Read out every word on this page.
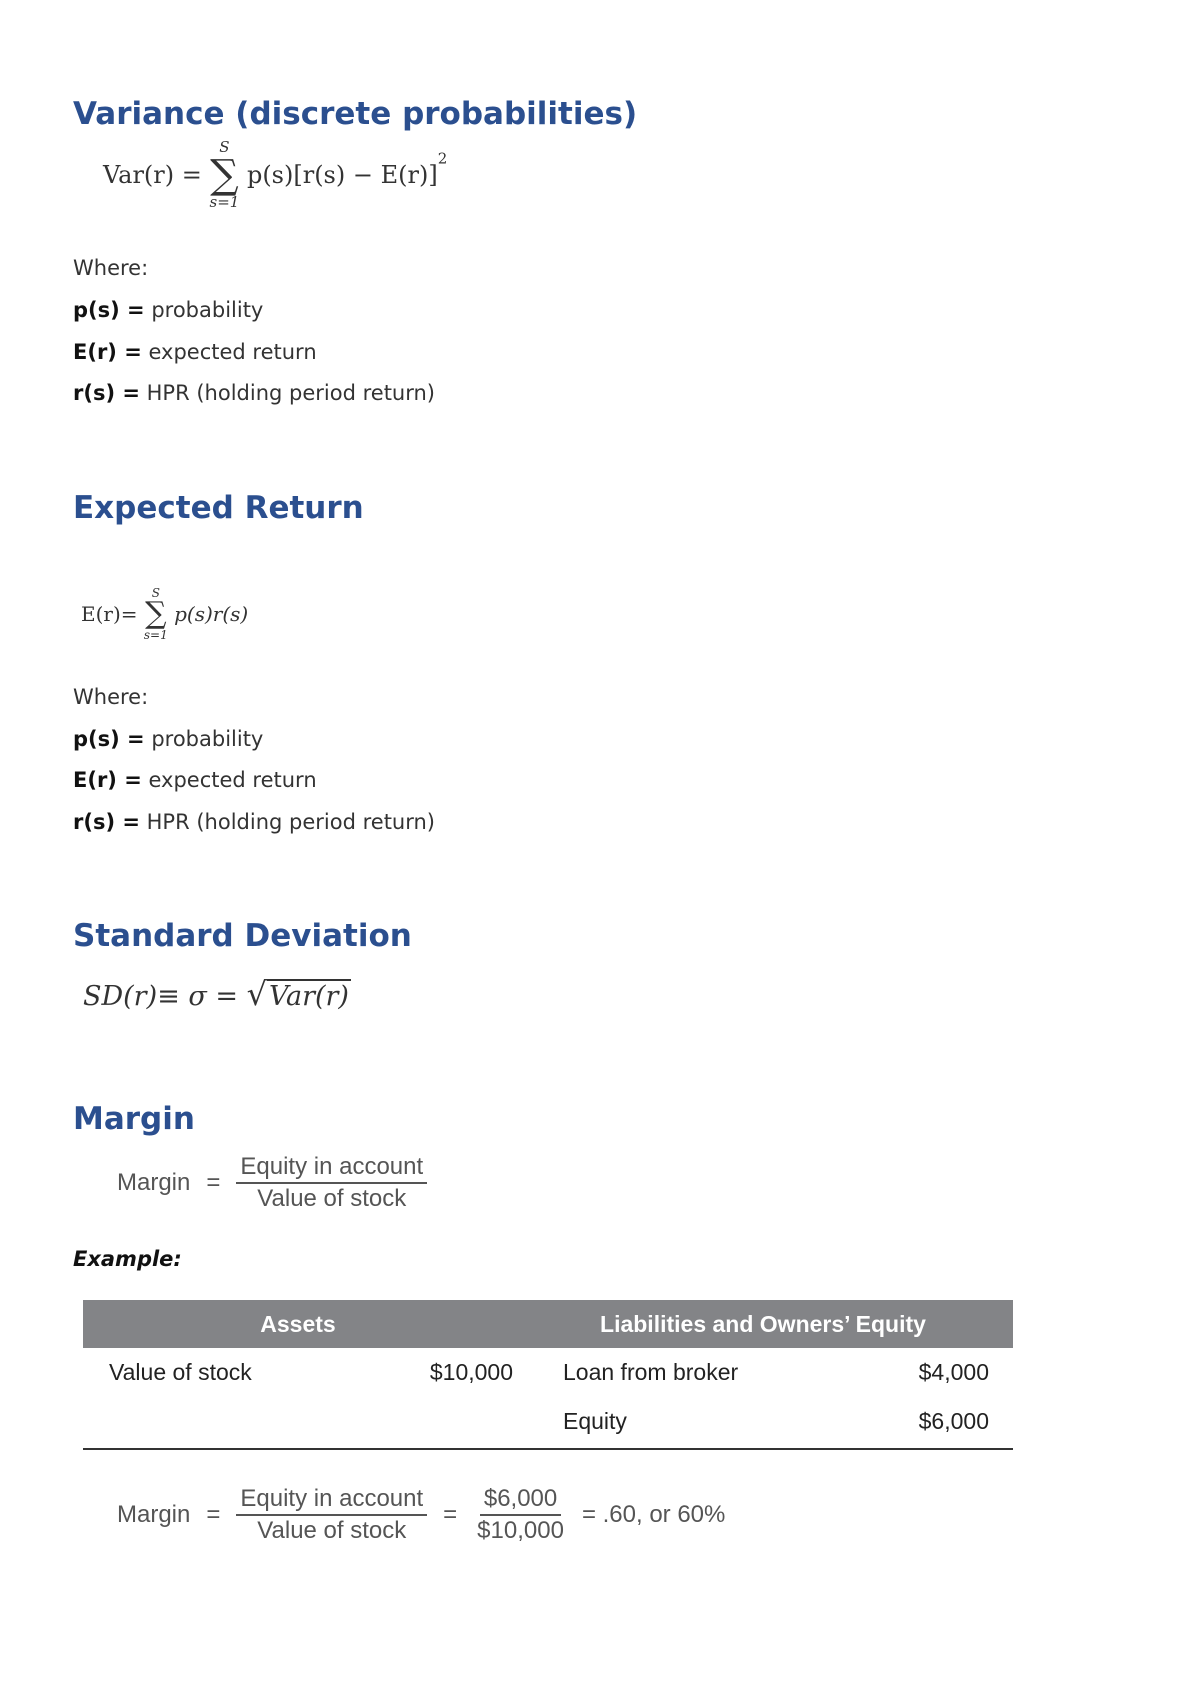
Variance (discrete probabilities)
Var(r) =
S
∑
s=1
$p(s)[r(s) - E(r)]^2$
Where:
p(s) = probability
E(r) = expected return
r(s) = HPR (holding period return)
Expected Return
E(r)=
S
∑
s=1
p(s)r(s)
Where:
p(s) = probability
E(r) = expected return
r(s) = HPR (holding period return)
Standard Deviation
SD(r)≡ σ = √Var(r)
Margin
Margin = $\frac{\text{Equity in account}}{\text{Value of stock}}$
Example:
Assets	Liabilities and Owners’ Equity
Value of stock	$10,000	Loan from broker	$4,000
Equity	$6,000
Margin = $\frac{\text{Equity in account}}{\text{Value of stock}} = \frac{\$6,000}{\$10,000} = .60$, or 60%
